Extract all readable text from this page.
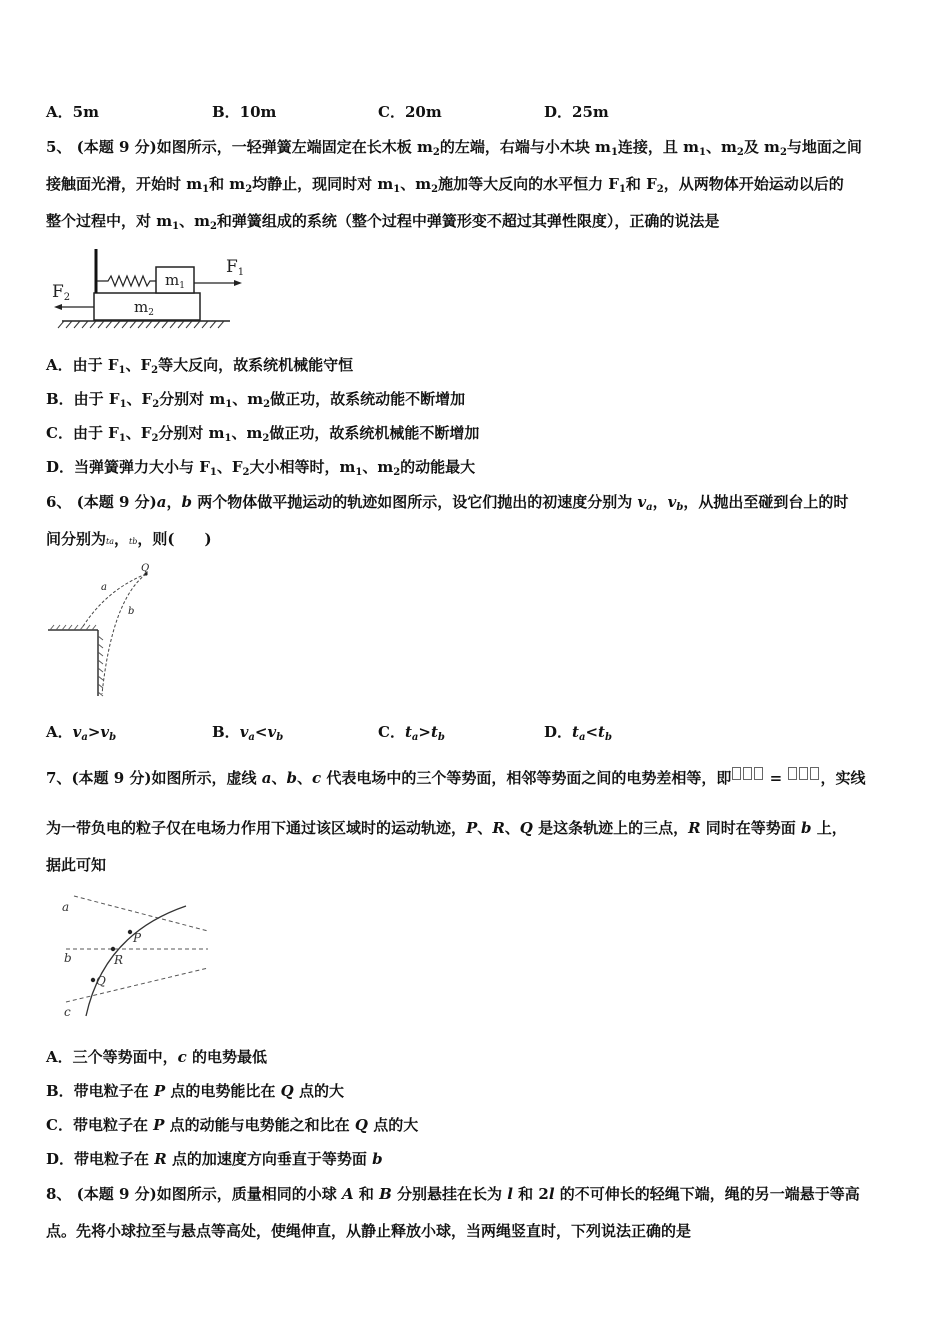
A．5m	B．10m	C．20m	D．25m
5、 (本题 9 分)如图所示，一轻弹簧左端固定在长木板 $m_2$的左端，右端与小木块 $m_1$连接，且 $m_1$、$m_2$及 $m_2$与地面之间
接触面光滑，开始时 $m_1$和 $m_2$均静止，现同时对 $m_1$、$m_2$施加等大反向的水平恒力 $F_1$和 $F_2$，从两物体开始运动以后的
整个过程中，对 $m_1$、$m_2$和弹簧组成的系统（整个过程中弹簧形变不超过其弹性限度），正确的说法是
$m_1$
$m_2$
F1
F2
A．由于 $F_1$、$F_2$等大反向，故系统机械能守恒
B．由于 $F_1$、$F_2$分别对 $m_1$、$m_2$做正功，故系统动能不断增加
C．由于 $F_1$、$F_2$分别对 $m_1$、$m_2$做正功，故系统机械能不断增加
D．当弹簧弹力大小与 $F_1$、$F_2$大小相等时，$m_1$、$m_2$的动能最大
6、 (本题 9 分)a，b 两个物体做平抛运动的轨迹如图所示，设它们抛出的初速度分别为 $v_a$，$v_b$，从抛出至碰到台上的时
间分别为ta，tb，则(　　)
Q
a
b
A．$v_a>v_b$	B．$v_a<v_b$	C．$t_a>t_b$	D．$t_a<t_b$
7、(本题 9 分)如图所示，虚线 a、b、c 代表电场中的三个等势面，相邻等势面之间的电势差相等，即	=	，实线
为一带负电的粒子仅在电场力作用下通过该区域时的运动轨迹，P、R、Q 是这条轨迹上的三点，R 同时在等势面 b 上，
据此可知
a
b
c
P
R
Q
A．三个等势面中，c 的电势最低
B．带电粒子在 P 点的电势能比在 Q 点的大
C．带电粒子在 P 点的动能与电势能之和比在 Q 点的大
D．带电粒子在 R 点的加速度方向垂直于等势面 b
8、 (本题 9 分)如图所示，质量相同的小球 A 和 B 分别悬挂在长为 l 和 2l 的不可伸长的轻绳下端，绳的另一端悬于等高
点。先将小球拉至与悬点等高处，使绳伸直，从静止释放小球，当两绳竖直时，下列说法正确的是
